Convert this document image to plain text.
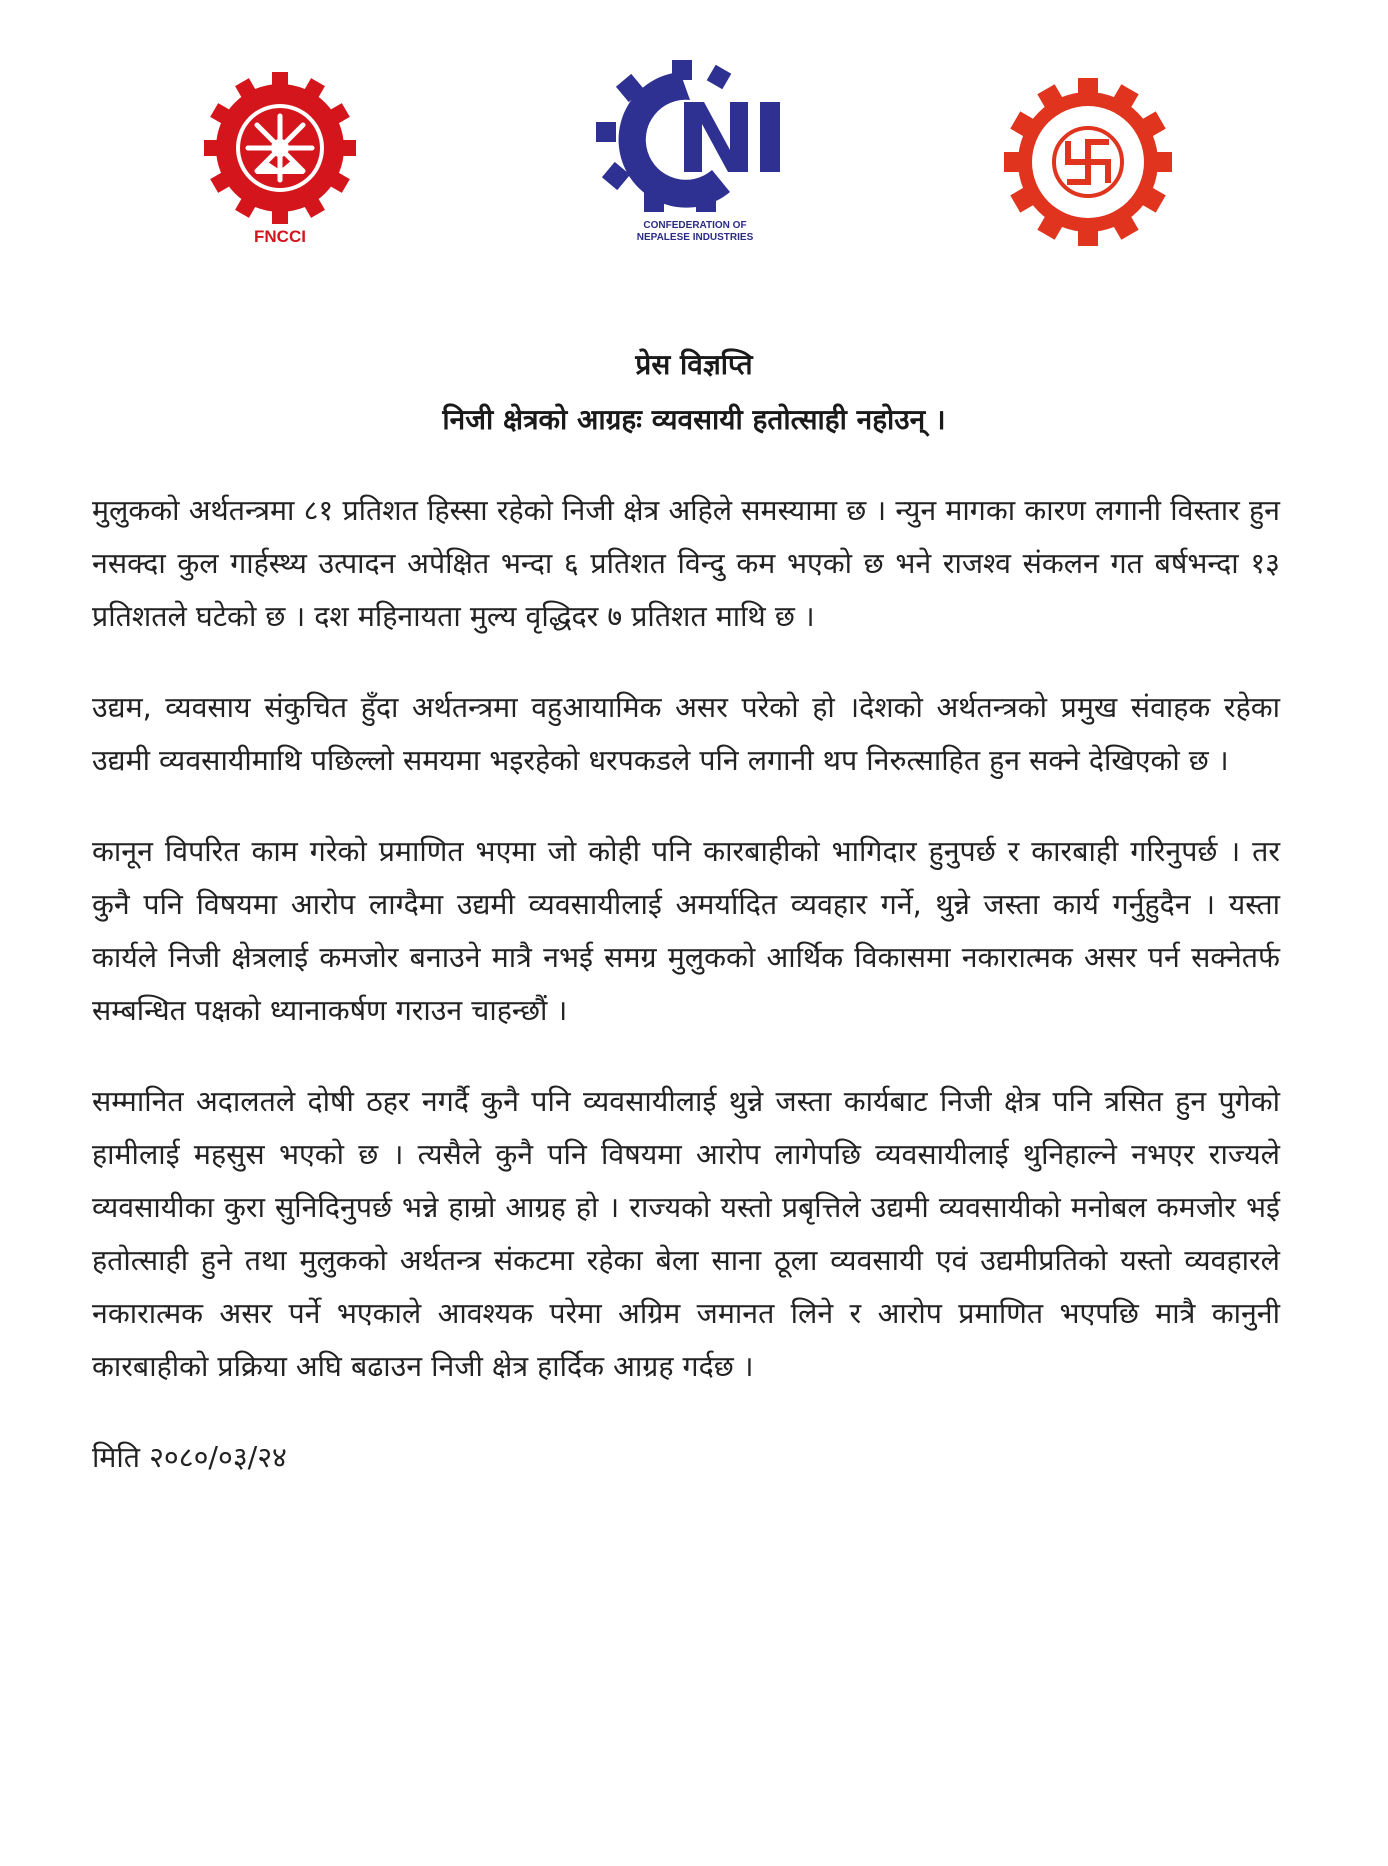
FNCCI
CONFEDERATION OF
NEPALESE INDUSTRIES
प्रेस विज्ञप्ति
निजी क्षेत्रको आग्रहः व्यवसायी हतोत्साही नहोउन् ।

मुलुकको अर्थतन्त्रमा ८१ प्रतिशत हिस्सा रहेको निजी क्षेत्र अहिले समस्यामा छ । न्युन मागका कारण लगानी विस्तार हुन नसक्दा कुल गार्हस्थ्य उत्पादन अपेक्षित भन्दा ६ प्रतिशत विन्दु कम भएको छ भने राजश्व संकलन गत बर्षभन्दा १३ प्रतिशतले घटेको छ । दश महिनायता मुल्य वृद्धिदर ७ प्रतिशत माथि छ ।

उद्यम, व्यवसाय संकुचित हुँदा अर्थतन्त्रमा वहुआयामिक असर परेको हो ।देशको अर्थतन्त्रको प्रमुख संवाहक रहेका उद्यमी व्यवसायीमाथि पछिल्लो समयमा भइरहेको धरपकडले पनि लगानी थप निरुत्साहित हुन सक्ने देखिएको छ ।

कानून विपरित काम गरेको प्रमाणित भएमा जो कोही पनि कारबाहीको भागिदार हुनुपर्छ र कारबाही गरिनुपर्छ । तर कुनै पनि विषयमा आरोप लाग्दैमा उद्यमी व्यवसायीलाई अमर्यादित व्यवहार गर्ने, थुन्ने जस्ता कार्य गर्नुहुदैन । यस्ता कार्यले निजी क्षेत्रलाई कमजोर बनाउने मात्रै नभई समग्र मुलुकको आर्थिक विकासमा नकारात्मक असर पर्न सक्नेतर्फ सम्बन्धित पक्षको ध्यानाकर्षण गराउन चाहन्छौं ।

सम्मानित अदालतले दोषी ठहर नगर्दै कुनै पनि व्यवसायीलाई थुन्ने जस्ता कार्यबाट निजी क्षेत्र पनि त्रसित हुन पुगेको हामीलाई महसुस भएको छ । त्यसैले कुनै पनि विषयमा आरोप लागेपछि व्यवसायीलाई थुनिहाल्ने नभएर राज्यले व्यवसायीका कुरा सुनिदिनुपर्छ भन्ने हाम्रो आग्रह हो । राज्यको यस्तो प्रबृत्तिले उद्यमी व्यवसायीको मनोबल कमजोर भई हतोत्साही हुने तथा मुलुकको अर्थतन्त्र संकटमा रहेका बेला साना ठूला व्यवसायी एवं उद्यमीप्रतिको यस्तो व्यवहारले नकारात्मक असर पर्ने भएकाले आवश्यक परेमा अग्रिम जमानत लिने र आरोप प्रमाणित भएपछि मात्रै कानुनी कारबाहीको प्रक्रिया अघि बढाउन निजी क्षेत्र हार्दिक आग्रह गर्दछ ।

मिति २०८०/०३/२४
